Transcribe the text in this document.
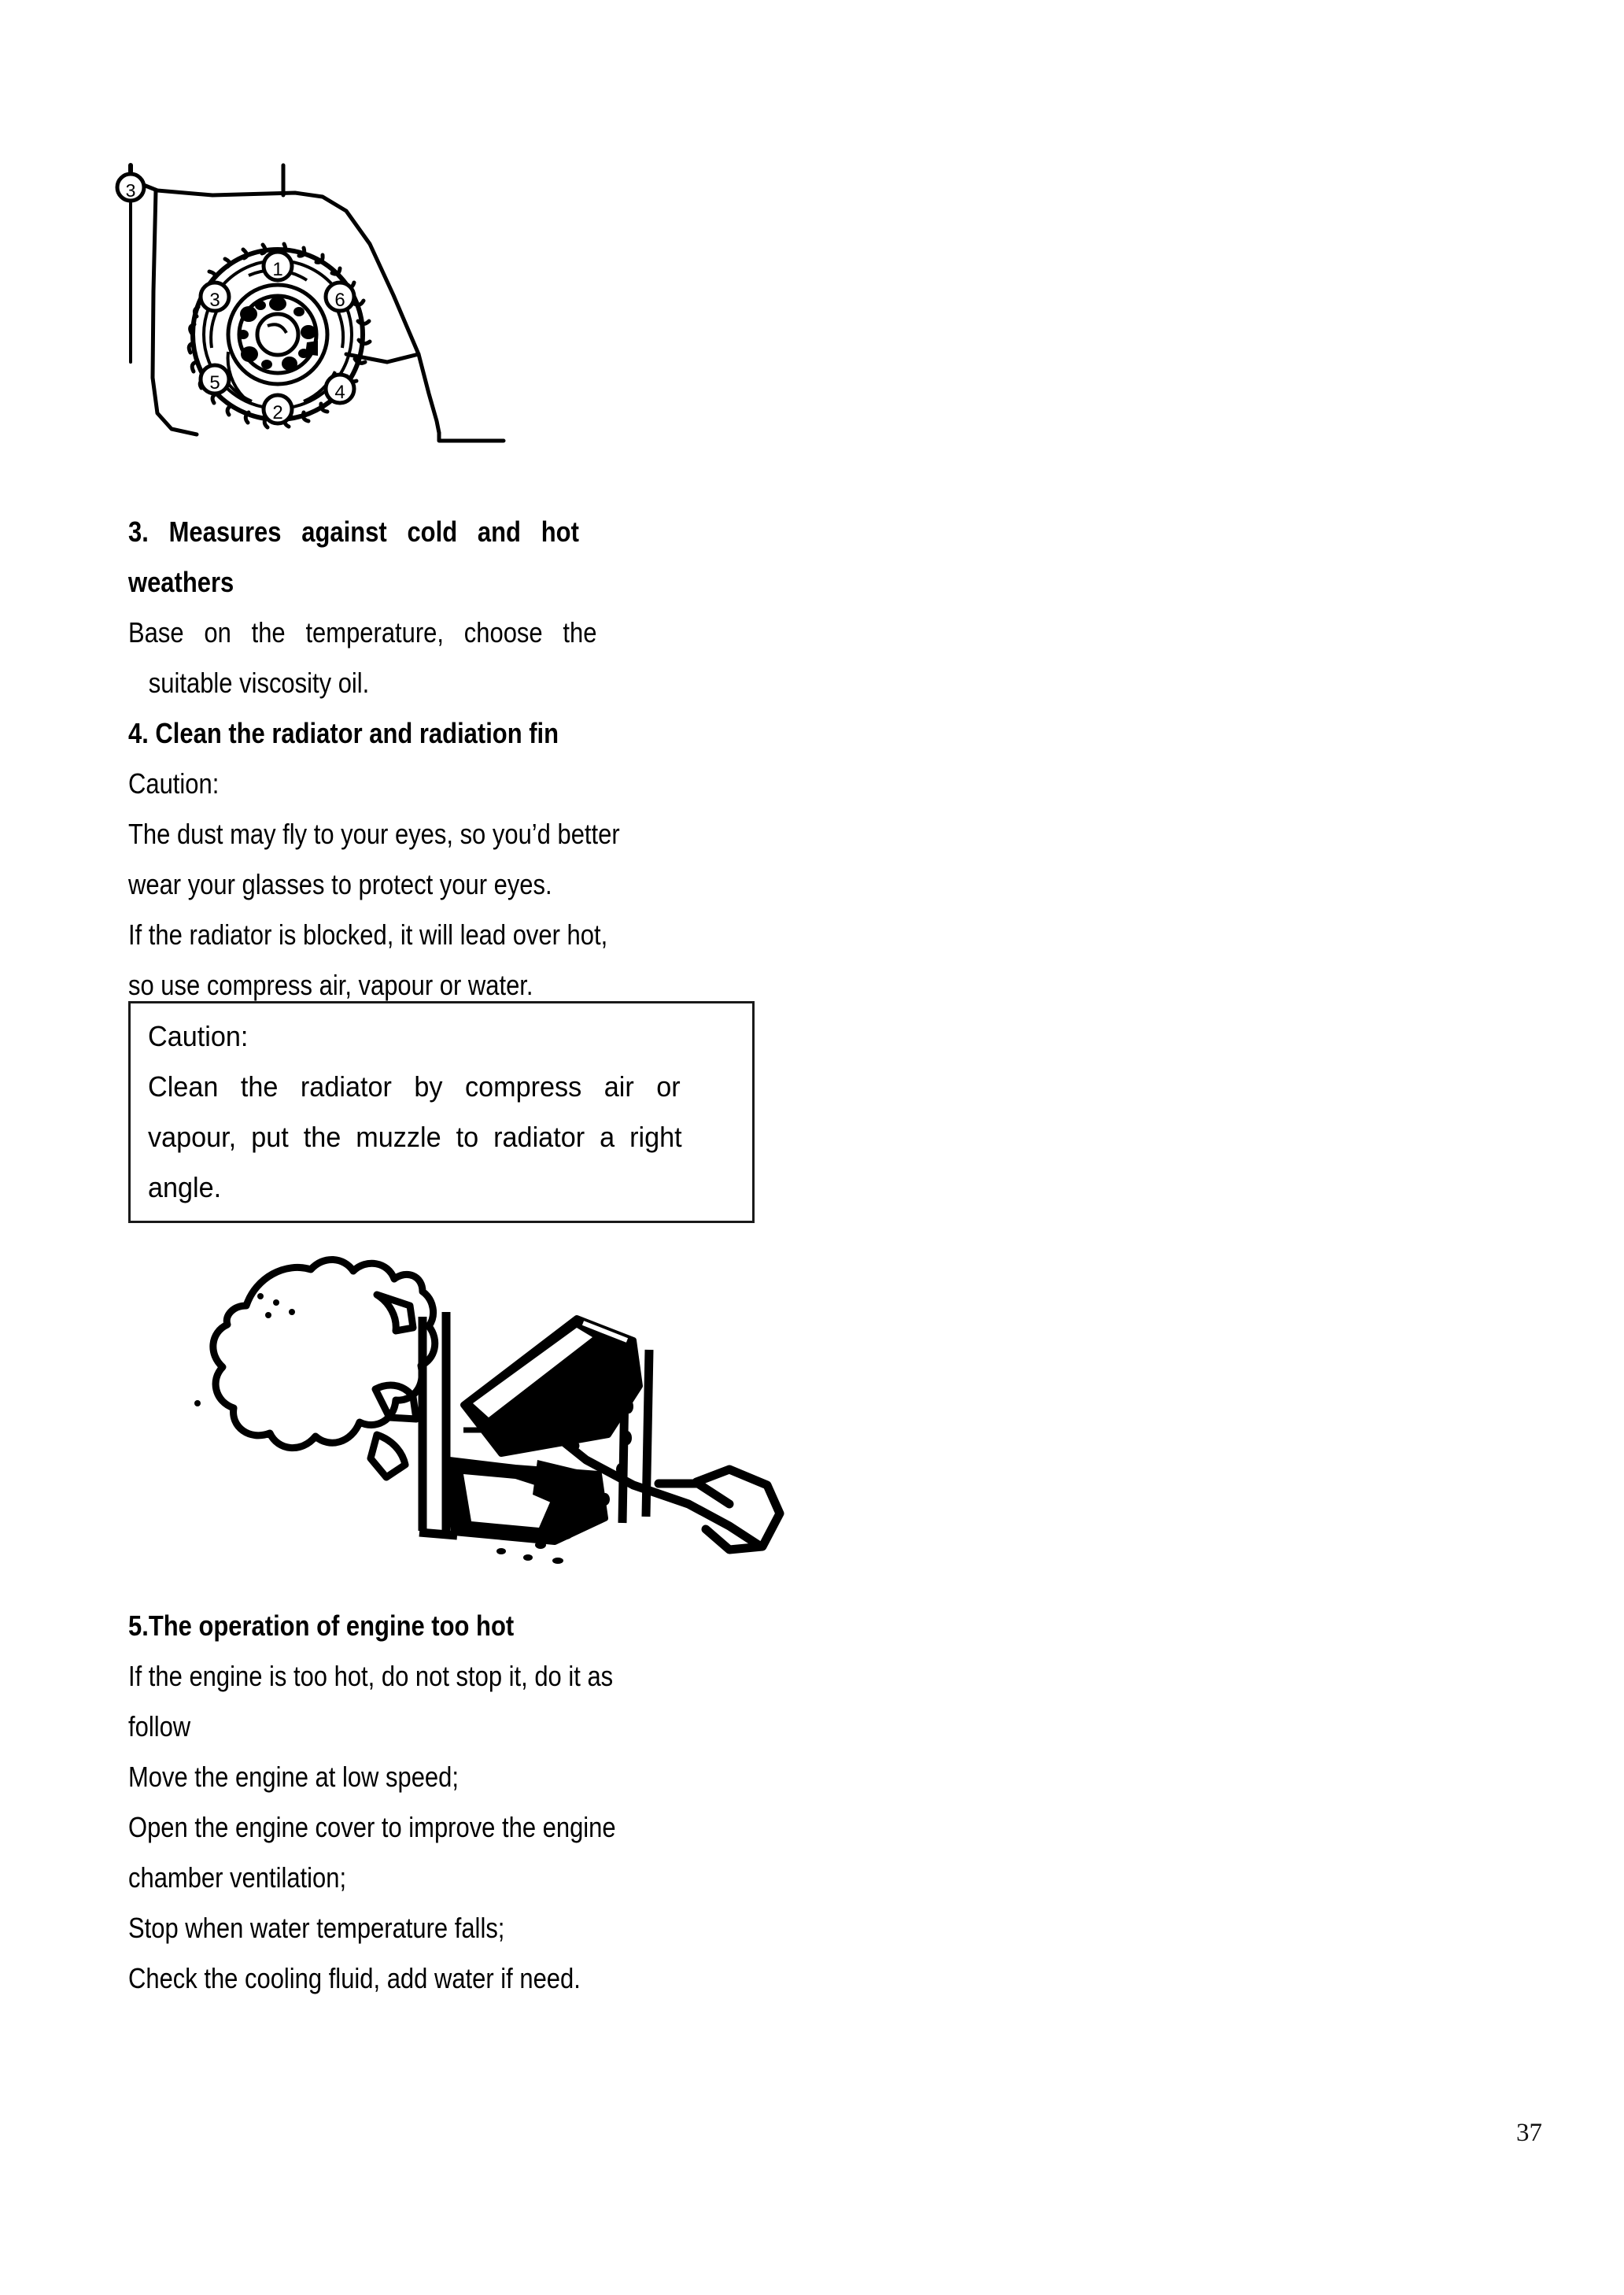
3
1
3	6
5	4
2
3.   Measures   against   cold   and   hot
weathers
Base   on   the   temperature,   choose   the
suitable viscosity oil.
4. Clean the radiator and radiation fin
Caution:
The dust may fly to your eyes, so you’d better
wear your glasses to protect your eyes.
If the radiator is blocked, it will lead over hot,
so use compress air, vapour or water.
Caution:
Clean   the   radiator   by   compress   air   or
vapour,  put  the  muzzle  to  radiator  a  right
angle.
5.The operation of engine too hot
If the engine is too hot, do not stop it, do it as
follow
Move the engine at low speed;
Open the engine cover to improve the engine
chamber ventilation;
Stop when water temperature falls;
Check the cooling fluid, add water if need.
37
